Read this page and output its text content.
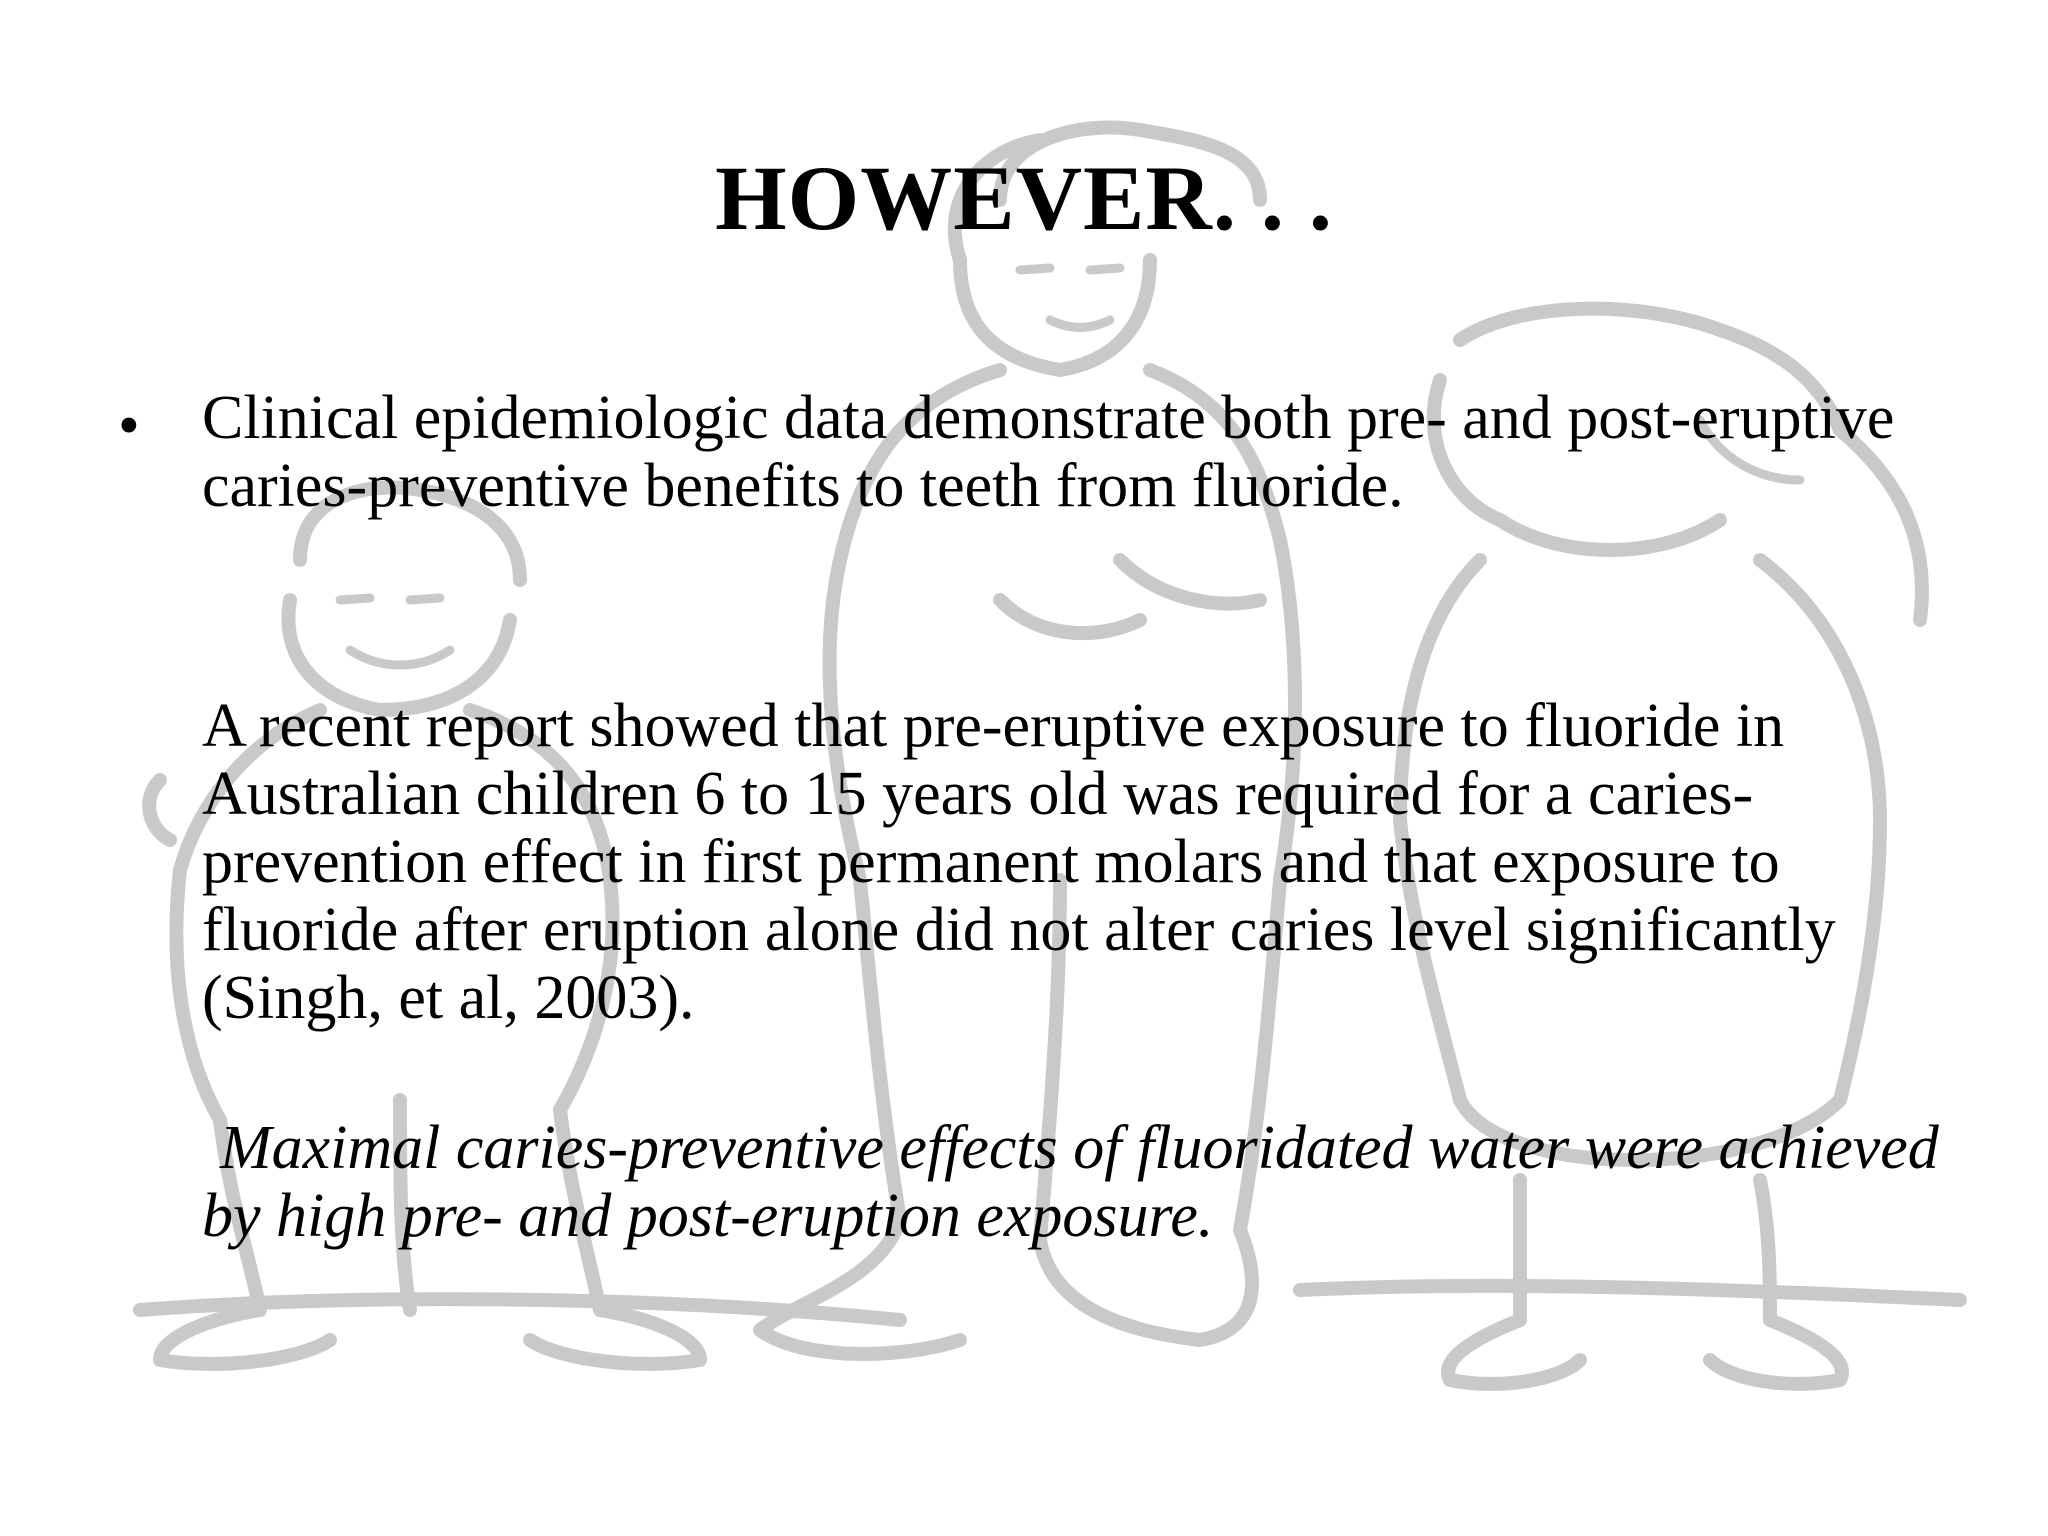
HOWEVER. . .
• Clinical epidemiologic data demonstrate both pre- and post-eruptive caries-preventive benefits to teeth from fluoride.
A recent report showed that pre-eruptive exposure to fluoride in Australian children 6 to 15 years old was required for a caries-prevention effect in first permanent molars and that exposure to fluoride after eruption alone did not alter caries level significantly (Singh, et al, 2003).
Maximal caries-preventive effects of fluoridated water were achieved by high pre- and post-eruption exposure.
